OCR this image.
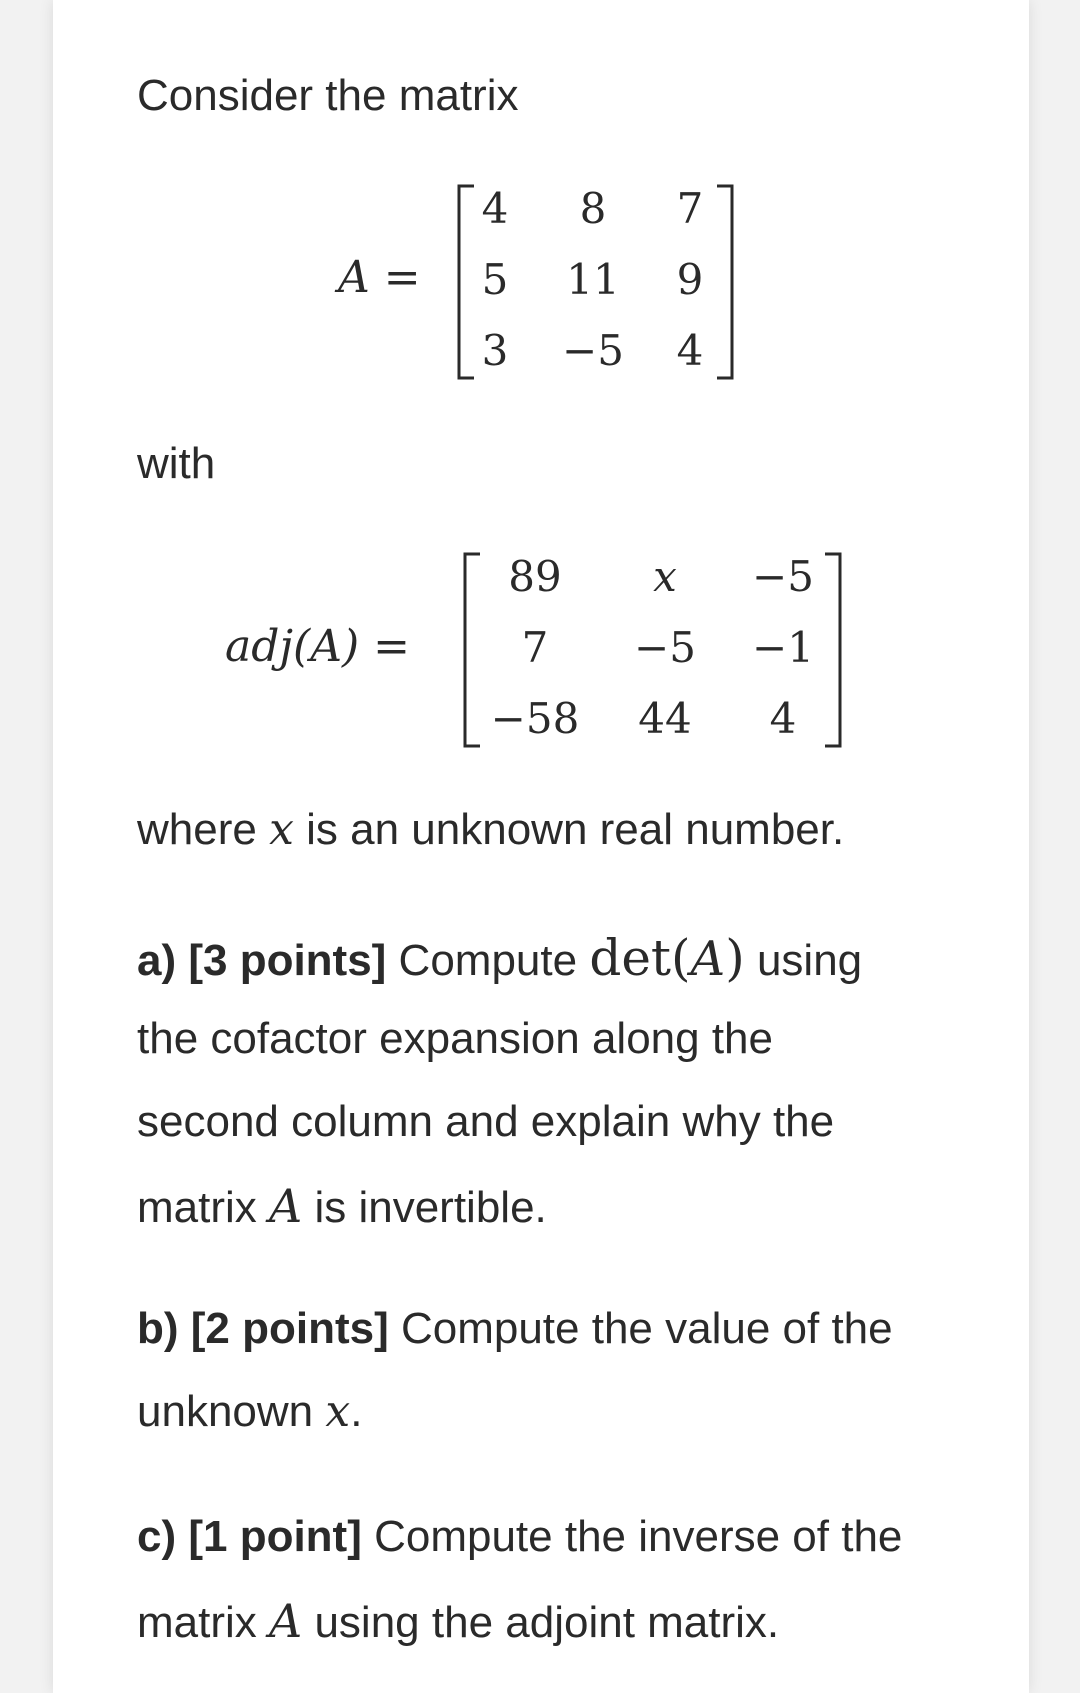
Consider the matrix
A =
4	8	7
5	11	9
3	−5	4
with
adj(A) =
89	x	−5
7	−5	−1
−58	44	4
where x is an unknown real number.
a) [3 points] Compute det(A) using
the cofactor expansion along the
second column and explain why the
matrix A is invertible.
b) [2 points] Compute the value of the
unknown x.
c) [1 point] Compute the inverse of the
matrix A using the adjoint matrix.
